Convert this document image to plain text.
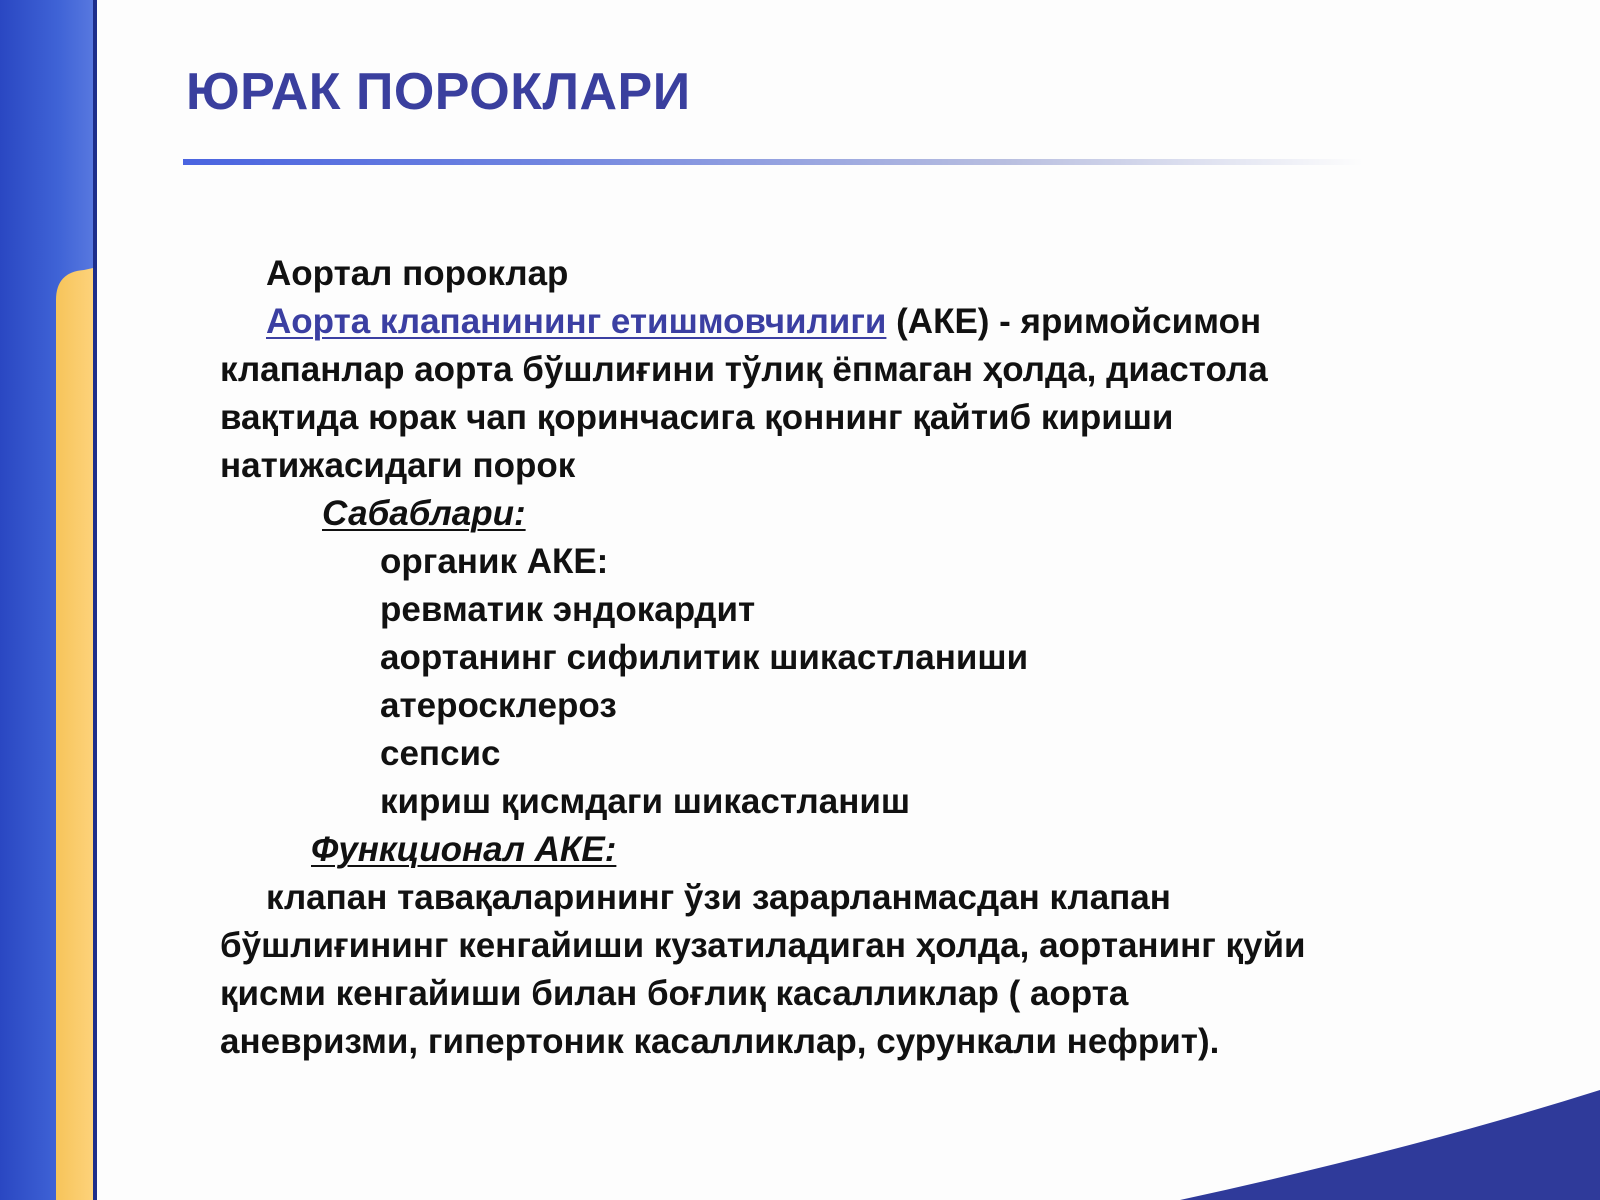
ЮРАК ПОРОКЛАРИ
Аортал пороклар
Аорта клапанининг етишмовчилиги (АКЕ) - яримойсимон
клапанлар аорта бўшлиғини тўлиқ ёпмаган ҳолда, диастола
вақтида юрак чап қоринчасига қоннинг қайтиб кириши
натижасидаги порок
Сабаблари:
органик АКЕ:
ревматик эндокардит
аортанинг сифилитик шикастланиши
атеросклероз
сепсис
кириш қисмдаги шикастланиш
Функционал АКЕ:
клапан тавақаларининг ўзи зарарланмасдан клапан
бўшлиғининг кенгайиши кузатиладиган ҳолда, аортанинг қуйи
қисми кенгайиши билан боғлиқ касалликлар ( аорта
аневризми, гипертоник касалликлар, сурункали нефрит).
